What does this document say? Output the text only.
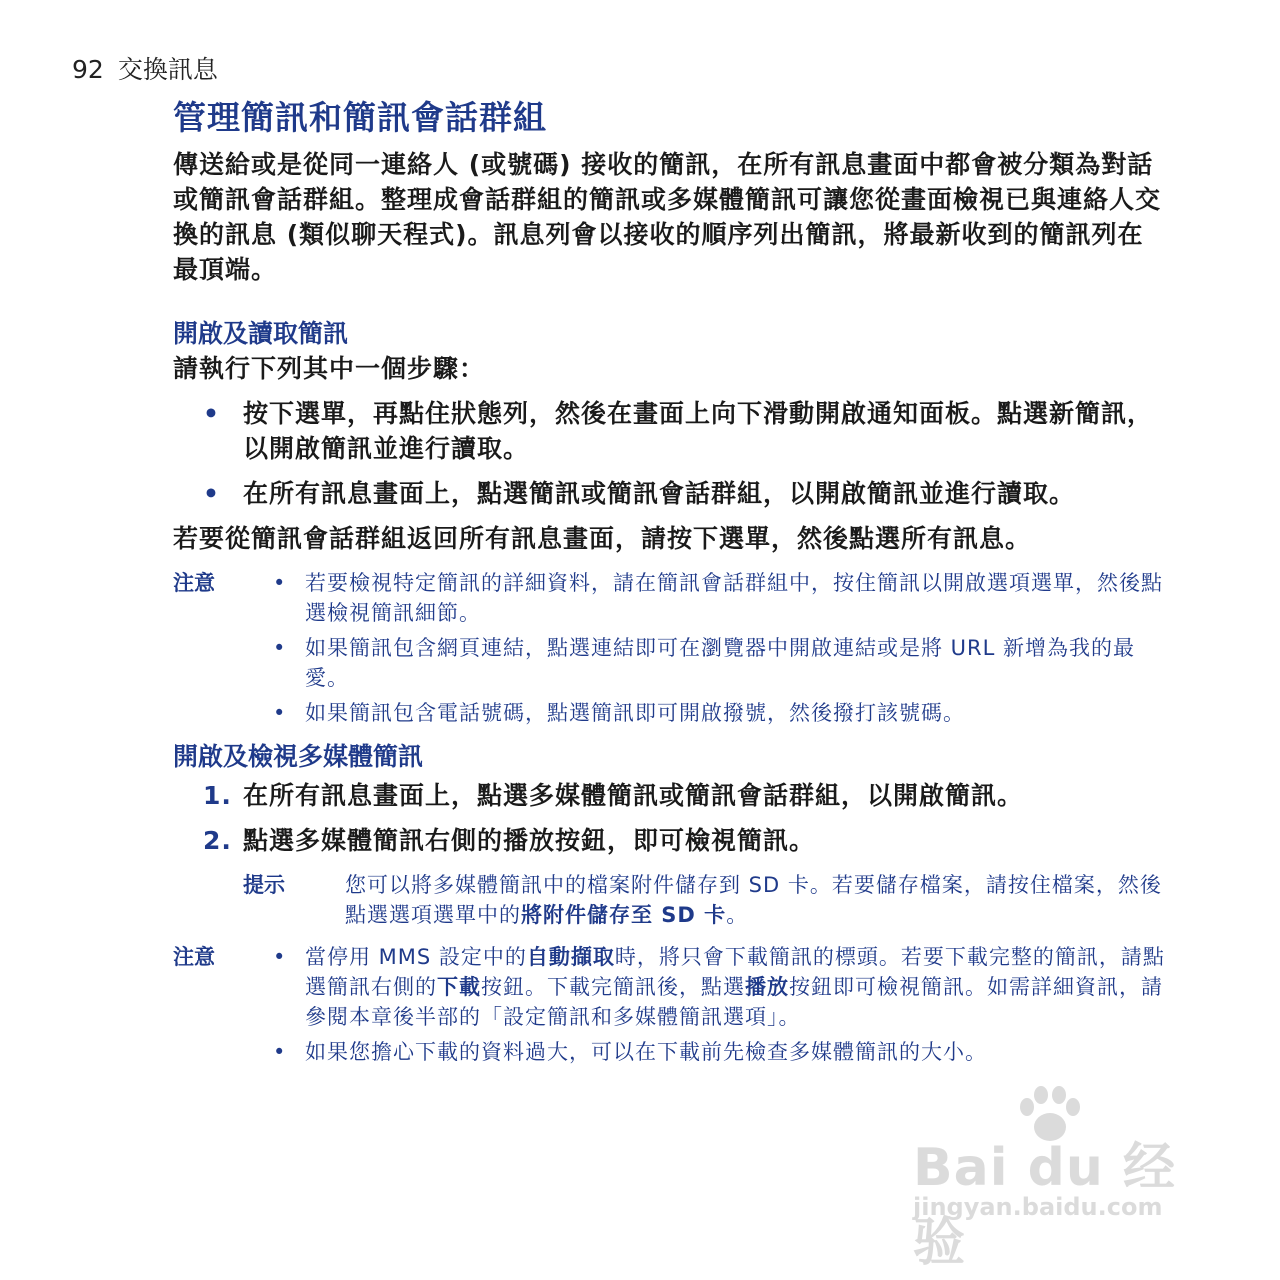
92 交換訊息
管理簡訊和簡訊會話群組

傳送給或是從同一連絡人 (或號碼) 接收的簡訊，在所有訊息畫面中都會被分類為對話或簡訊會話群組。整理成會話群組的簡訊或多媒體簡訊可讓您從畫面檢視已與連絡人交換的訊息 (類似聊天程式)。訊息列會以接收的順序列出簡訊，將最新收到的簡訊列在最頂端。

開啟及讀取簡訊

請執行下列其中一個步驟：

• 按下選單，再點住狀態列，然後在畫面上向下滑動開啟通知面板。點選新簡訊，以開啟簡訊並進行讀取。
• 在所有訊息畫面上，點選簡訊或簡訊會話群組，以開啟簡訊並進行讀取。

若要從簡訊會話群組返回所有訊息畫面，請按下選單，然後點選所有訊息。

注意	• 若要檢視特定簡訊的詳細資料，請在簡訊會話群組中，按住簡訊以開啟選項選單，然後點選檢視簡訊細節。
• 如果簡訊包含網頁連結，點選連結即可在瀏覽器中開啟連結或是將 URL 新增為我的最愛。
• 如果簡訊包含電話號碼，點選簡訊即可開啟撥號，然後撥打該號碼。
開啟及檢視多媒體簡訊
1. 在所有訊息畫面上，點選多媒體簡訊或簡訊會話群組，以開啟簡訊。
2. 點選多媒體簡訊右側的播放按鈕，即可檢視簡訊。
提示	您可以將多媒體簡訊中的檔案附件儲存到 SD 卡。若要儲存檔案，請按住檔案，然後點選選項選單中的將附件儲存至 SD 卡。
注意	• 當停用 MMS 設定中的自動擷取時，將只會下載簡訊的標頭。若要下載完整的簡訊，請點選簡訊右側的下載按鈕。下載完簡訊後，點選播放按鈕即可檢視簡訊。如需詳細資訊，請參閱本章後半部的「設定簡訊和多媒體簡訊選項」。
• 如果您擔心下載的資料過大，可以在下載前先檢查多媒體簡訊的大小。
Bai du 经验
jingyan.baidu.com
